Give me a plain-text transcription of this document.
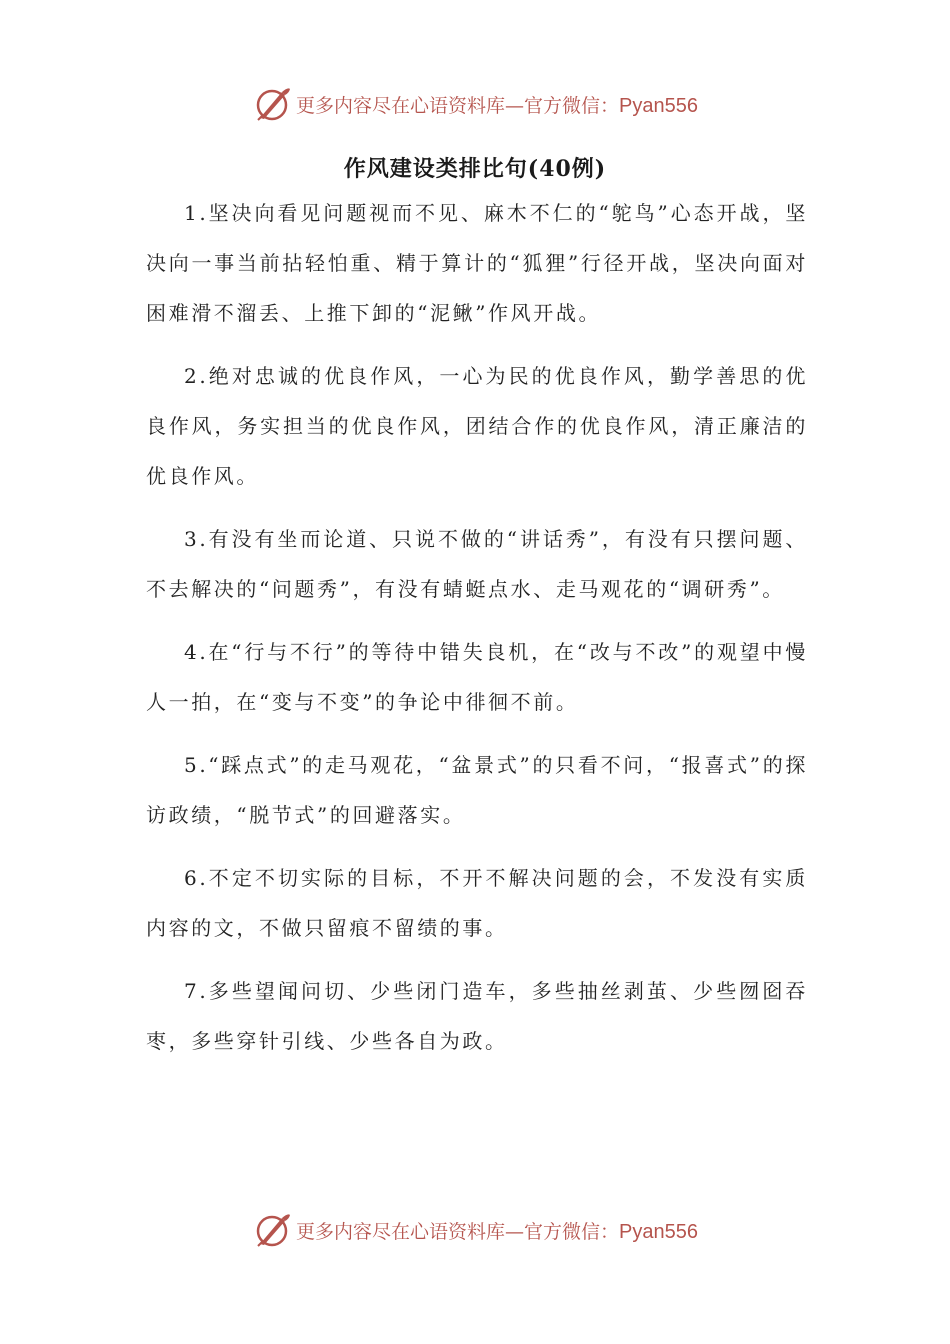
更多内容尽在心语资料库—官方微信：Pyan556
作风建设类排比句(40例)

1.坚决向看见问题视而不见、麻木不仁的“鸵鸟”心态开战，坚决向一事当前拈轻怕重、精于算计的“狐狸”行径开战，坚决向面对困难滑不溜丢、上推下卸的“泥鳅”作风开战。

2.绝对忠诚的优良作风，一心为民的优良作风，勤学善思的优良作风，务实担当的优良作风，团结合作的优良作风，清正廉洁的优良作风。

3.有没有坐而论道、只说不做的“讲话秀”，有没有只摆问题、不去解决的“问题秀”，有没有蜻蜓点水、走马观花的“调研秀”。

4.在“行与不行”的等待中错失良机，在“改与不改”的观望中慢人一拍，在“变与不变”的争论中徘徊不前。

5.“踩点式”的走马观花，“盆景式”的只看不问，“报喜式”的探访政绩，“脱节式”的回避落实。

6.不定不切实际的目标，不开不解决问题的会，不发没有实质内容的文，不做只留痕不留绩的事。

7.多些望闻问切、少些闭门造车，多些抽丝剥茧、少些囫囵吞枣，多些穿针引线、少些各自为政。

更多内容尽在心语资料库—官方微信：Pyan556
